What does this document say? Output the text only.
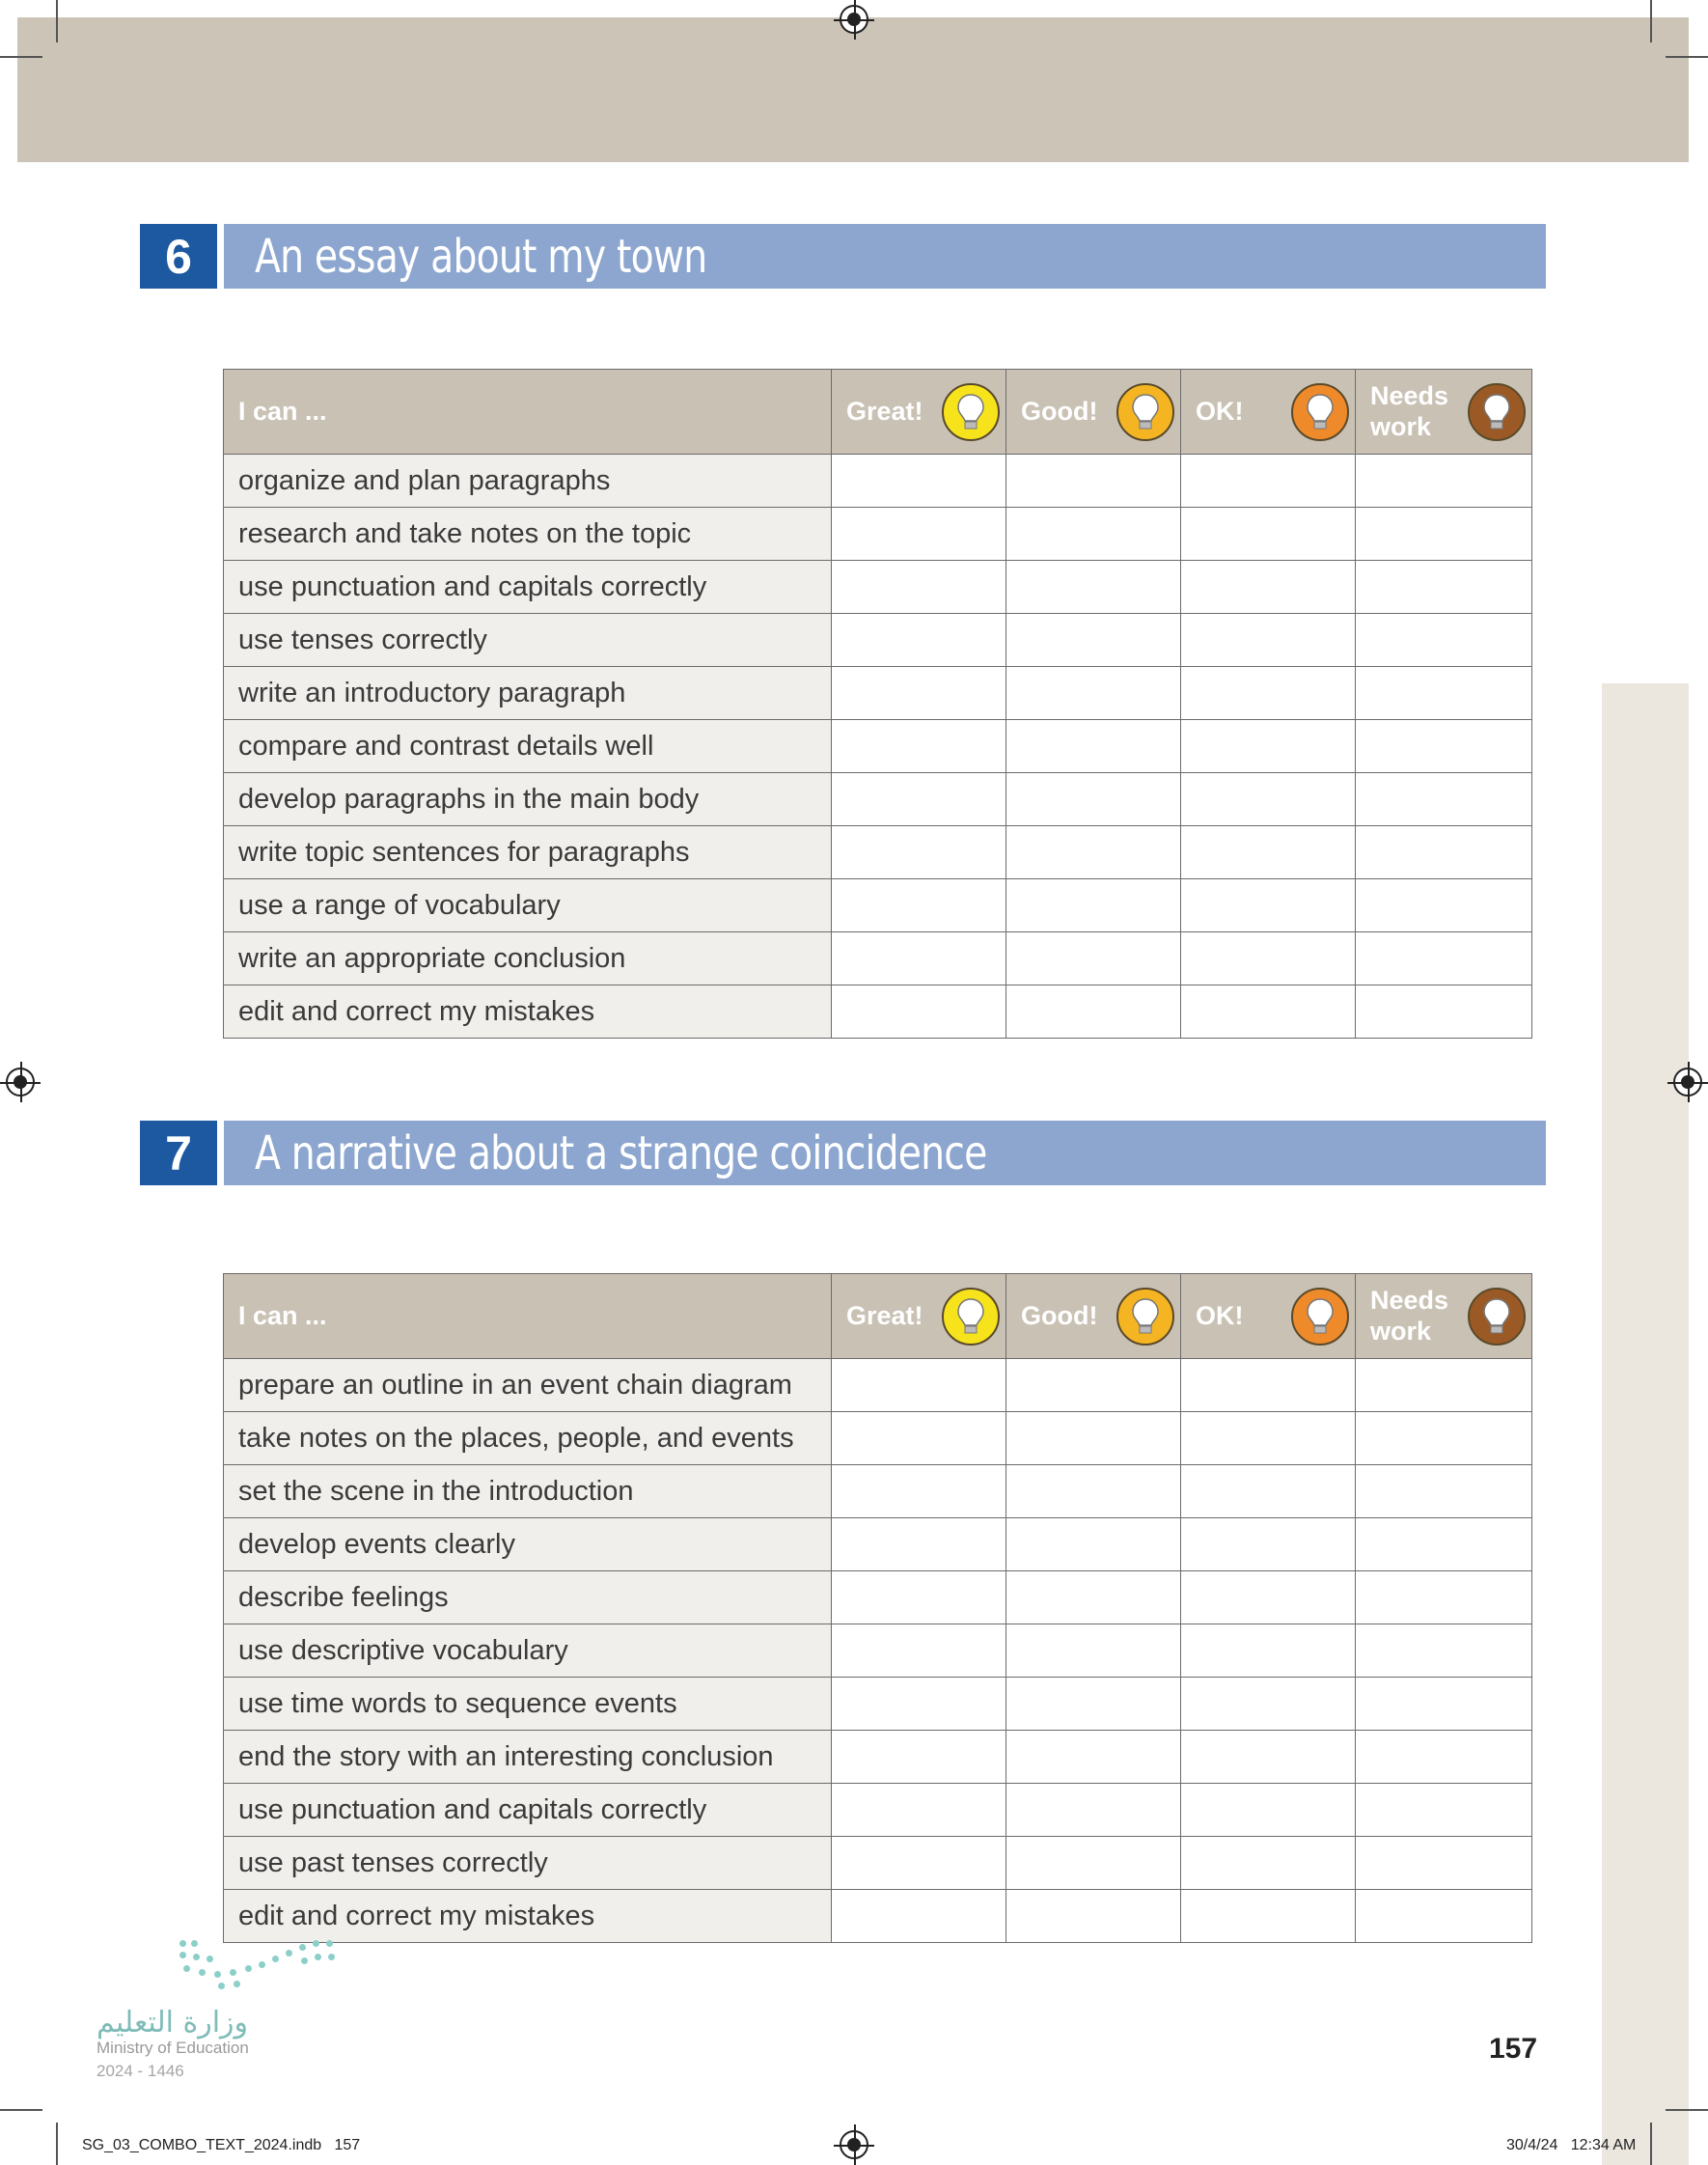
6	An essay about my town
I can ...	Great!	Good!	OK!	Needs
work

organize and plan paragraphs				
research and take notes on the topic				
use punctuation and capitals correctly				
use tenses correctly				
write an introductory paragraph				
compare and contrast details well				
develop paragraphs in the main body				
write topic sentences for paragraphs				
use a range of vocabulary				
write an appropriate conclusion				
edit and correct my mistakes				
7	A narrative about a strange coincidence
I can ...	Great!	Good!	OK!	Needs
work

prepare an outline in an event chain diagram				
take notes on the places, people, and events				
set the scene in the introduction				
develop events clearly				
describe feelings				
use descriptive vocabulary				
use time words to sequence events				
end the story with an interesting conclusion				
use punctuation and capitals correctly				
use past tenses correctly				
edit and correct my mistakes				
وزارة التعليم
Ministry of Education
2024 - 1446
157
SG_03_COMBO_TEXT_2024.indb   157	30/4/24   12:34 AM
